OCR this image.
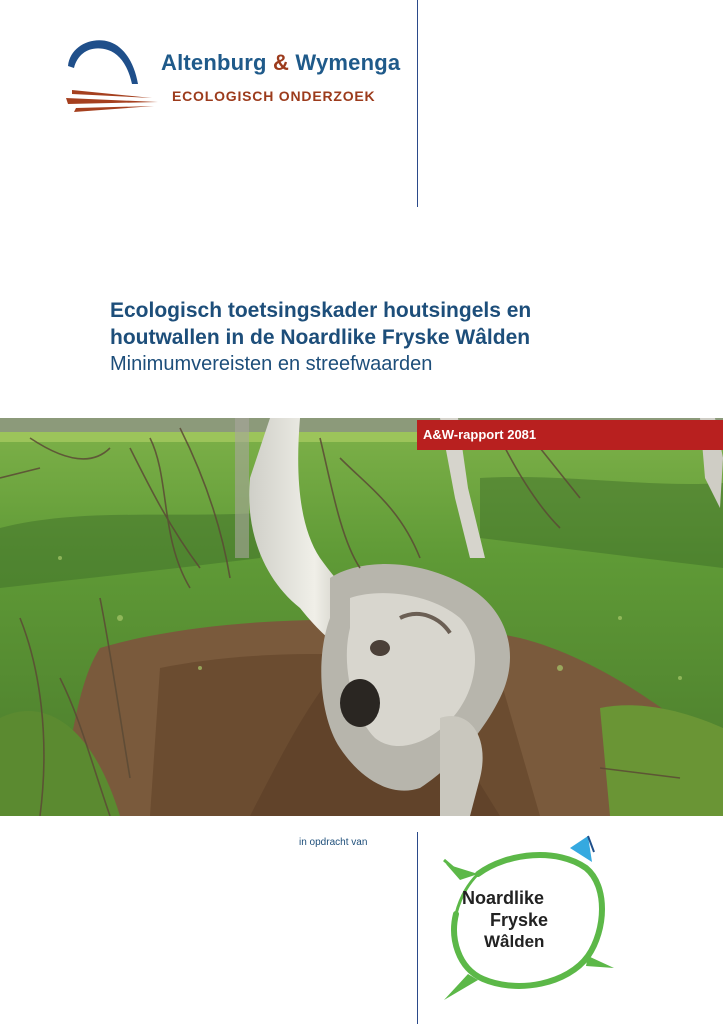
Altenburg & Wymenga
ECOLOGISCH ONDERZOEK

Ecologisch toetsingskader houtsingels en

houtwallen in de Noardlike Fryske Wâlden

Minimumvereisten en streefwaarden

A&W-rapport 2081
in opdracht van
Noardlike
Fryske
Wâlden
